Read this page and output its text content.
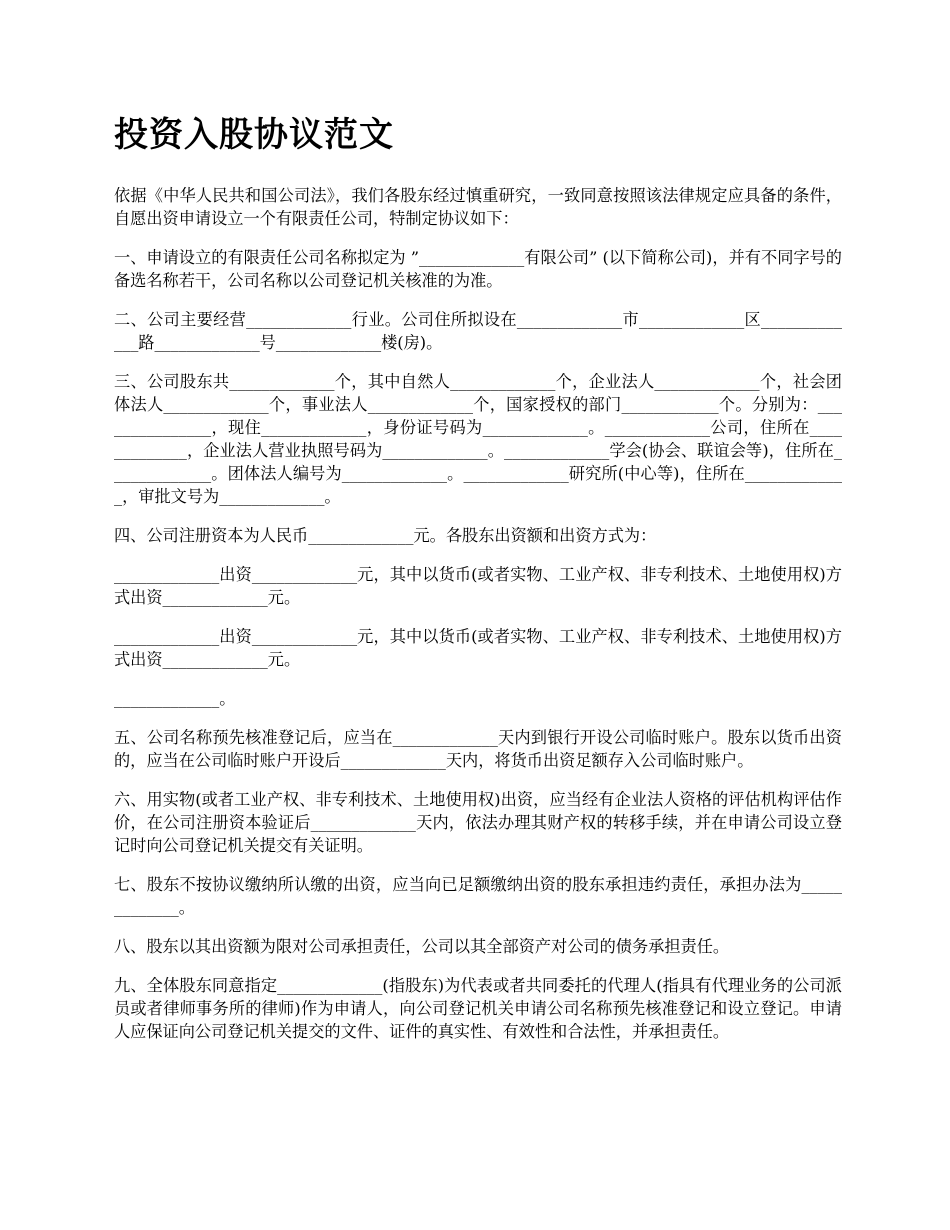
投资入股协议范文

依据《中华人民共和国公司法》，我们各股东经过慎重研究，一致同意按照该法律规定应具备的条件，自愿出资申请设立一个有限责任公司，特制定协议如下：

一、申请设立的有限责任公司名称拟定为 ”_____________有限公司” (以下简称公司)，并有不同字号的备选名称若干，公司名称以公司登记机关核准的为准。

二、公司主要经营_____________行业。公司住所拟设在_____________市_____________区_____________路_____________号_____________楼(房)。

三、公司股东共_____________个，其中自然人_____________个，企业法人_____________个，社会团体法人_____________个，事业法人_____________个，国家授权的部门____________个。分别为：_______________，现住_____________，身份证号码为_____________。_____________公司，住所在_____________，企业法人营业执照号码为_____________。_____________学会(协会、联谊会等)，住所在_____________。团体法人编号为_____________。_____________研究所(中心等)，住所在_____________，审批文号为_____________。

四、公司注册资本为人民币_____________元。各股东出资额和出资方式为：

_____________出资_____________元，其中以货币(或者实物、工业产权、非专利技术、土地使用权)方式出资_____________元。

_____________出资_____________元，其中以货币(或者实物、工业产权、非专利技术、土地使用权)方式出资_____________元。

_____________。

五、公司名称预先核准登记后，应当在_____________天内到银行开设公司临时账户。股东以货币出资的，应当在公司临时账户开设后_____________天内，将货币出资足额存入公司临时账户。

六、用实物(或者工业产权、非专利技术、土地使用权)出资，应当经有企业法人资格的评估机构评估作价，在公司注册资本验证后_____________天内，依法办理其财产权的转移手续，并在申请公司设立登记时向公司登记机关提交有关证明。

七、股东不按协议缴纳所认缴的出资，应当向已足额缴纳出资的股东承担违约责任，承担办法为_____________。

八、股东以其出资额为限对公司承担责任，公司以其全部资产对公司的债务承担责任。

九、全体股东同意指定_____________(指股东)为代表或者共同委托的代理人(指具有代理业务的公司派员或者律师事务所的律师)作为申请人，向公司登记机关申请公司名称预先核准登记和设立登记。申请人应保证向公司登记机关提交的文件、证件的真实性、有效性和合法性，并承担责任。
